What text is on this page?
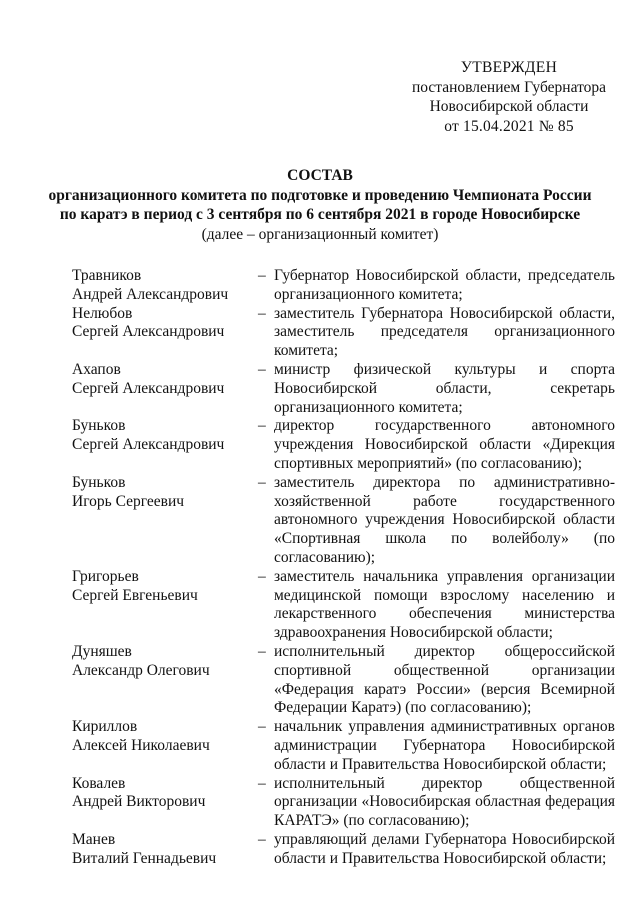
УТВЕРЖДЕН
постановлением Губернатора
Новосибирской области
от 15.04.2021 № 85
СОСТАВ
организационного комитета по подготовке и проведению Чемпионата России
по каратэ в период с 3 сентября по 6 сентября 2021 в городе Новосибирске
(далее – организационный комитет)
Травников
Андрей Александрович
– Губернатор Новосибирской области, председатель организационного комитета;
Нелюбов
Сергей Александрович
– заместитель Губернатора Новосибирской области, заместитель председателя организационного комитета;
Ахапов
Сергей Александрович
– министр физической культуры и спорта Новосибирской области, секретарь организационного комитета;
Буньков
Сергей Александрович
– директор государственного автономного учреждения Новосибирской области «Дирекция спортивных мероприятий» (по согласованию);
Буньков
Игорь Сергеевич
– заместитель директора по административно-хозяйственной работе государственного автономного учреждения Новосибирской области «Спортивная школа по волейболу» (по согласованию);
Григорьев
Сергей Евгеньевич
– заместитель начальника управления организации медицинской помощи взрослому населению и лекарственного обеспечения министерства здравоохранения Новосибирской области;
Дуняшев
Александр Олегович
– исполнительный директор общероссийской спортивной общественной организации «Федерация каратэ России» (версия Всемирной Федерации Каратэ) (по согласованию);
Кириллов
Алексей Николаевич
– начальник управления административных органов администрации Губернатора Новосибирской области и Правительства Новосибирской области;
Ковалев
Андрей Викторович
– исполнительный директор общественной организации «Новосибирская областная федерация КАРАТЭ» (по согласованию);
Манев
Виталий Геннадьевич
– управляющий делами Губернатора Новосибирской области и Правительства Новосибирской области;
